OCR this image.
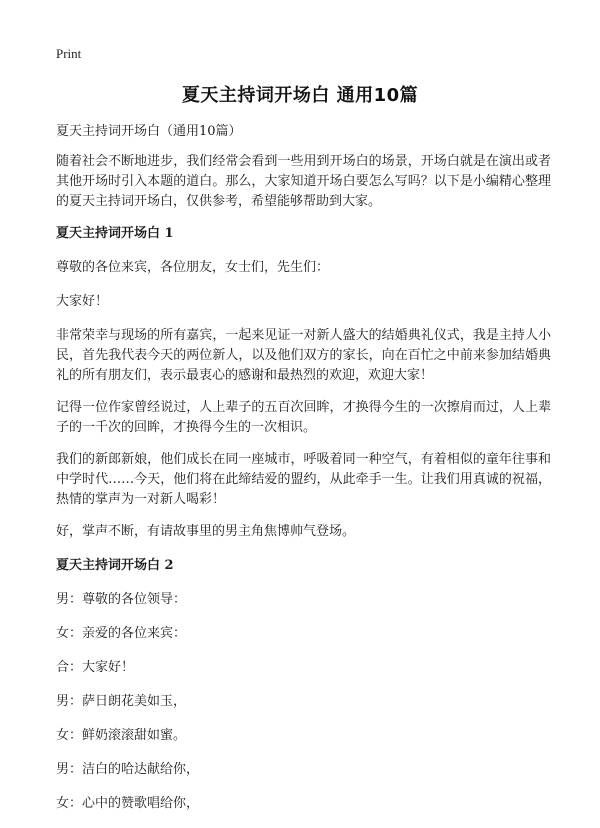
Print
夏天主持词开场白 通用10篇

夏天主持词开场白（通用10篇）

随着社会不断地进步，我们经常会看到一些用到开场白的场景，开场白就是在演出或者其他开场时引入本题的道白。那么，大家知道开场白要怎么写吗？以下是小编精心整理的夏天主持词开场白，仅供参考，希望能够帮助到大家。

夏天主持词开场白 1

尊敬的各位来宾，各位朋友，女士们，先生们：

大家好！

非常荣幸与现场的所有嘉宾，一起来见证一对新人盛大的结婚典礼仪式，我是主持人小民，首先我代表今天的两位新人，以及他们双方的家长，向在百忙之中前来参加结婚典礼的所有朋友们，表示最衷心的感谢和最热烈的欢迎，欢迎大家！

记得一位作家曾经说过，人上辈子的五百次回眸，才换得今生的一次擦肩而过，人上辈子的一千次的回眸，才换得今生的一次相识。

我们的新郎新娘，他们成长在同一座城市，呼吸着同一种空气，有着相似的童年往事和中学时代……今天，他们将在此缔结爱的盟约，从此牵手一生。让我们用真诚的祝福，热情的掌声为一对新人喝彩！

好，掌声不断，有请故事里的男主角焦博帅气登场。

夏天主持词开场白 2

男：尊敬的各位领导：

女：亲爱的各位来宾：

合：大家好！

男：萨日朗花美如玉，

女：鲜奶滚滚甜如蜜。

男：洁白的哈达献给你，

女：心中的赞歌唱给你，
